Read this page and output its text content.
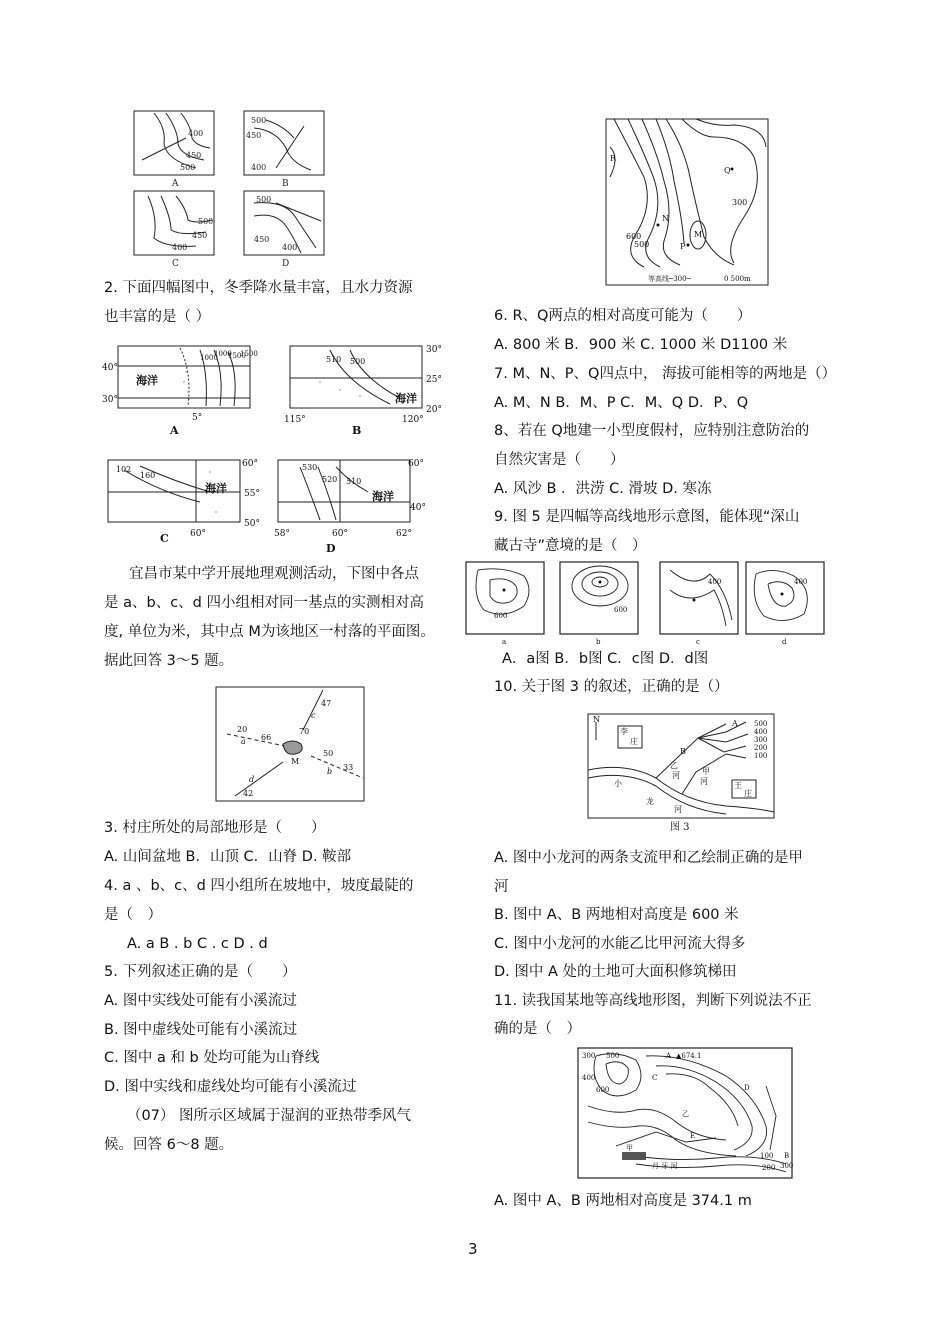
400
450
500
500
450
400
500
450
400
500
450
400
A	B
C	D
2. 下面四幅图中，冬季降水量丰富，且水力资源
也丰富的是（ ）
海洋
海洋
海洋
海洋
40°
30°
5°
1000
1000
1500
1500	30°
25°
20°
115°	120°
510 500
60°
55°
50°
60°
102
160
60°
40°
58°	60°	62°
530
520 510
A	B
C
D
宜昌市某中学开展地理观测活动，下图中各点
是 a、b、c、d 四小组相对同一基点的实测相对高
度, 单位为米，其中点 M为该地区一村落的平面图。
据此回答 3～5 题。
47
70
20
66
50
33
42
a
b
c
d
M
3. 村庄所处的局部地形是（　　）
A. 山间盆地 B．山顶 C．山脊 D. 鞍部
4. a 、b、c、d 四小组所在坡地中，坡度最陡的
是（　）
A. a B . b C . c D . d
5. 下列叙述正确的是（　　）
A. 图中实线处可能有小溪流过
B. 图中虚线处可能有小溪流过
C. 图中 a 和 b 处均可能为山脊线
D. 图中实线和虚线处均可能有小溪流过
（07） 图所示区域属于湿润的亚热带季风气
候。回答 6～8 题。
R
Q
N
M
P
300
600
500
等高线─300─	0 500m
6. R、Q两点的相对高度可能为（　　）
A. 800 米 B．900 米 C. 1000 米 D1100 米
7. M、N、P、Q四点中， 海拔可能相等的两地是（）
A. M、N B．M、P C．M、Q D．P、Q
8、若在 Q地建一小型度假村，应特别注意防治的
自然灾害是（　　）
A. 风沙 B ．洪涝 C. 滑坡 D. 寒冻
9. 图 5 是四幅等高线地形示意图，能体现“深山
藏古寺”意境的是（　）
600
600
400	400
a	b	c	d
A．a图 B．b图 C．c图 D．d图
10. 关于图 3 的叙述，正确的是（）
N
李
庄
王
庄
小
龙
河
乙
河	甲
河
A
B
500
400
300
200
100
图 3
A. 图中小龙河的两条支流甲和乙绘制正确的是甲
河
B. 图中 A、B 两地相对高度是 600 米
C. 图中小龙河的水能乙比甲河流大得多
D. 图中 A 处的土地可大面积修筑梯田
11. 读我国某地等高线地形图，判断下列说法不正
确的是（　）
300 500
400
600
200
100
300
▲674.1
A
B
C
D
E
甲
乙
月 牙 河
A. 图中 A、B 两地相对高度是 374.1 m
3
